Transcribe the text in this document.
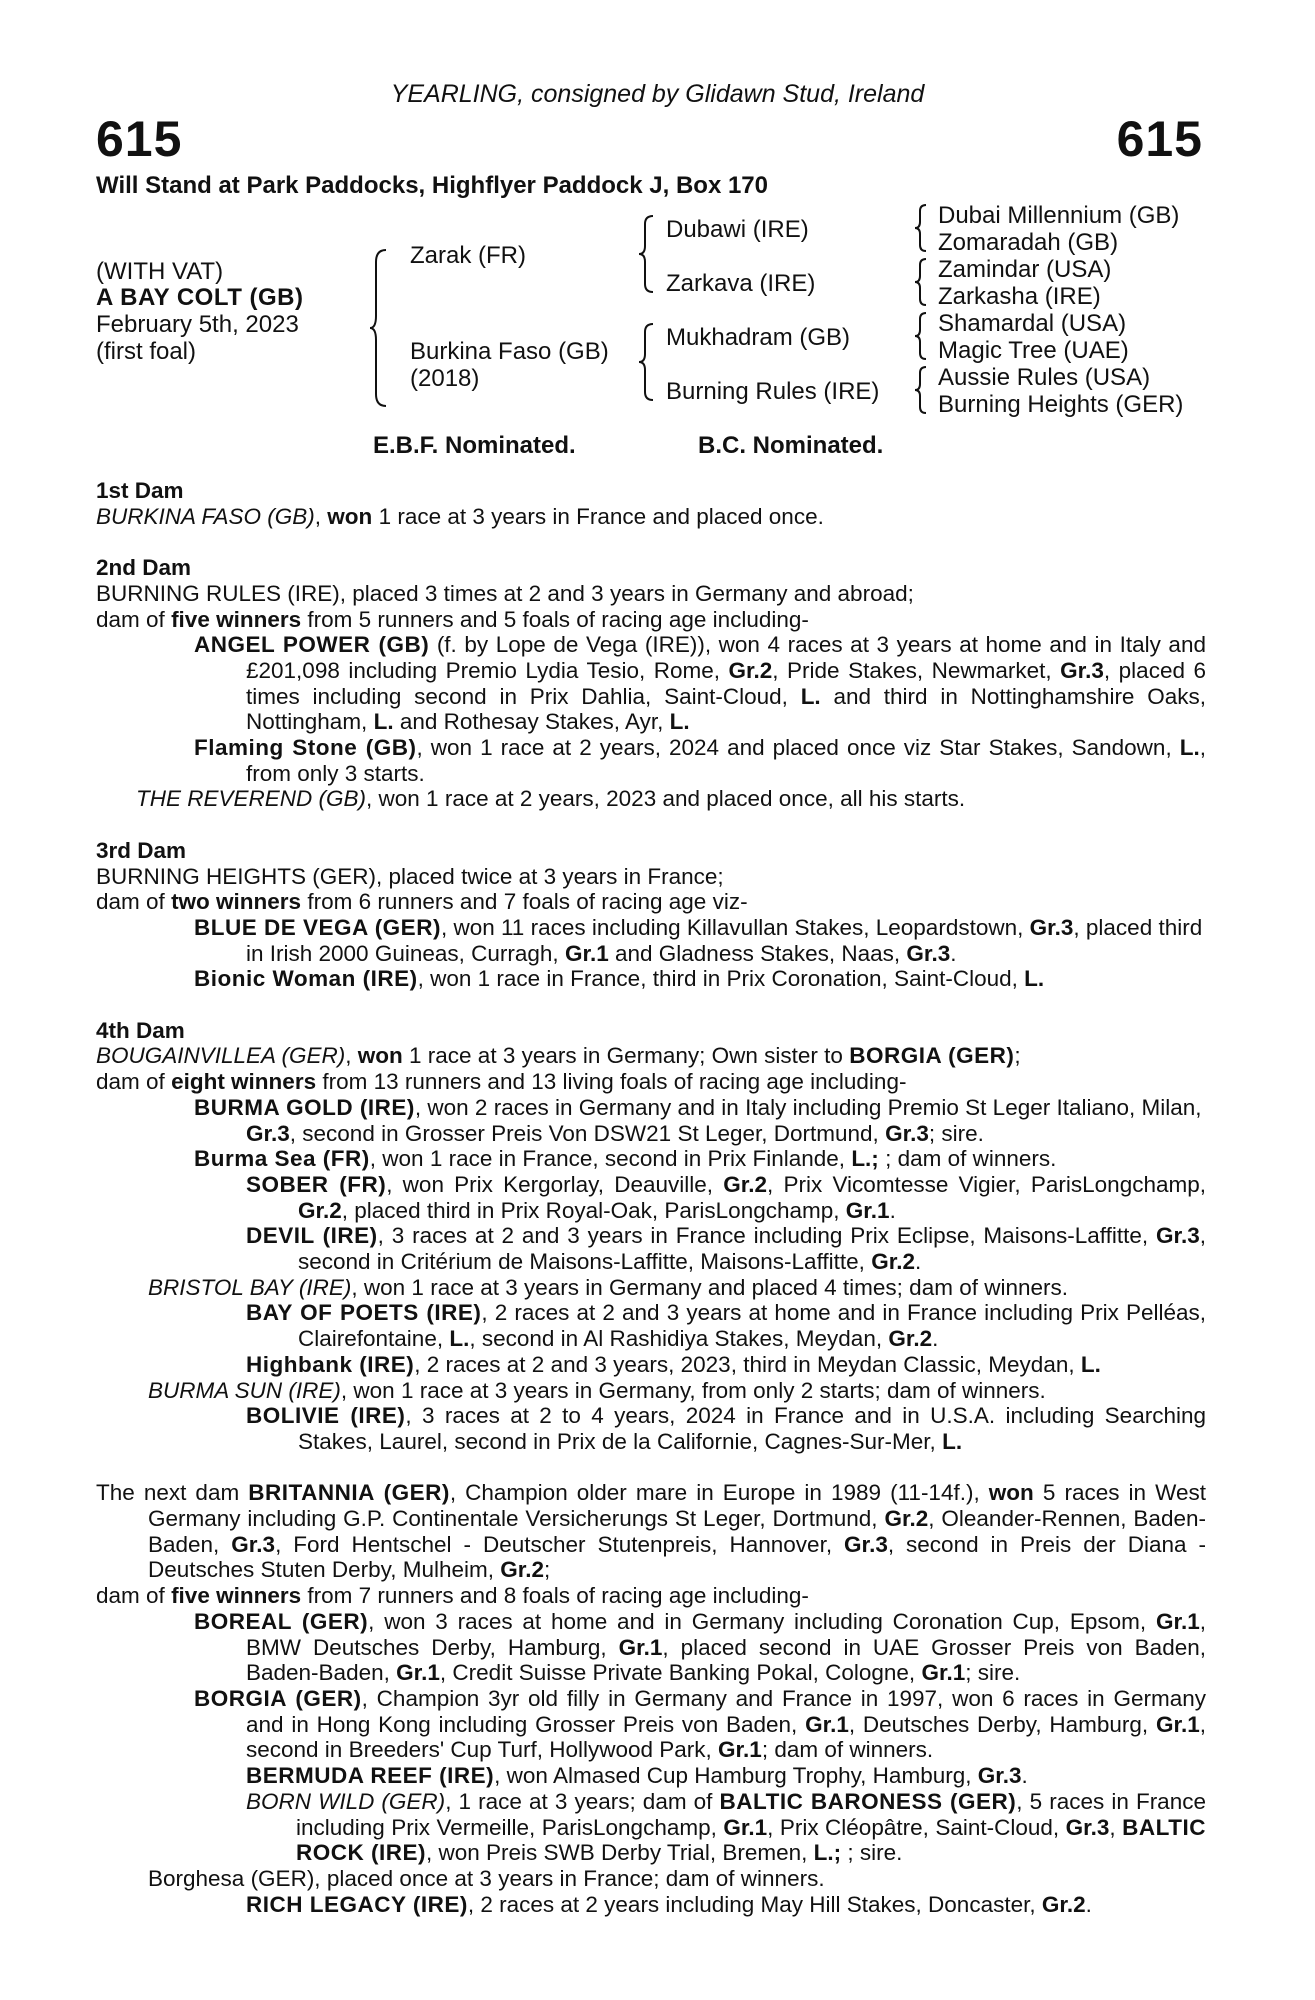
YEARLING, consigned by Glidawn Stud, Ireland
615	615
Will Stand at Park Paddocks, Highflyer Paddock J, Box 170
(WITH VAT)
A BAY COLT (GB)
February 5th, 2023
(first foal)
Zarak (FR)
Burkina Faso (GB)
(2018)
Dubawi (IRE)
Zarkava (IRE)
Mukhadram (GB)
Burning Rules (IRE)
Dubai Millennium (GB)
Zomaradah (GB)
Zamindar (USA)
Zarkasha (IRE)
Shamardal (USA)
Magic Tree (UAE)
Aussie Rules (USA)
Burning Heights (GER)
E.B.F. Nominated.	B.C. Nominated.

1st Dam

BURKINA FASO (GB), won 1 race at 3 years in France and placed once.

2nd Dam

BURNING RULES (IRE), placed 3 times at 2 and 3 years in Germany and abroad;

dam of five winners from 5 runners and 5 foals of racing age including-

ANGEL POWER (GB) (f. by Lope de Vega (IRE)), won 4 races at 3 years at home and in Italy and £201,098 including Premio Lydia Tesio, Rome, Gr.2, Pride Stakes, Newmarket, Gr.3, placed 6 times including second in Prix Dahlia, Saint-Cloud, L. and third in Nottinghamshire Oaks, Nottingham, L. and Rothesay Stakes, Ayr, L.

Flaming Stone (GB), won 1 race at 2 years, 2024 and placed once viz Star Stakes, Sandown, L., from only 3 starts.

THE REVEREND (GB), won 1 race at 2 years, 2023 and placed once, all his starts.

3rd Dam

BURNING HEIGHTS (GER), placed twice at 3 years in France;

dam of two winners from 6 runners and 7 foals of racing age viz-

BLUE DE VEGA (GER), won 11 races including Killavullan Stakes, Leopardstown, Gr.3, placed third in Irish 2000 Guineas, Curragh, Gr.1 and Gladness Stakes, Naas, Gr.3.

Bionic Woman (IRE), won 1 race in France, third in Prix Coronation, Saint-Cloud, L.

4th Dam

BOUGAINVILLEA (GER), won 1 race at 3 years in Germany; Own sister to BORGIA (GER);

dam of eight winners from 13 runners and 13 living foals of racing age including-

BURMA GOLD (IRE), won 2 races in Germany and in Italy including Premio St Leger Italiano, Milan, Gr.3, second in Grosser Preis Von DSW21 St Leger, Dortmund, Gr.3; sire.

Burma Sea (FR), won 1 race in France, second in Prix Finlande, L.; ; dam of winners.

SOBER (FR), won Prix Kergorlay, Deauville, Gr.2, Prix Vicomtesse Vigier, ParisLongchamp, Gr.2, placed third in Prix Royal-Oak, ParisLongchamp, Gr.1.

DEVIL (IRE), 3 races at 2 and 3 years in France including Prix Eclipse, Maisons-Laffitte, Gr.3, second in Critérium de Maisons-Laffitte, Maisons-Laffitte, Gr.2.

BRISTOL BAY (IRE), won 1 race at 3 years in Germany and placed 4 times; dam of winners.

BAY OF POETS (IRE), 2 races at 2 and 3 years at home and in France including Prix Pelléas, Clairefontaine, L., second in Al Rashidiya Stakes, Meydan, Gr.2.

Highbank (IRE), 2 races at 2 and 3 years, 2023, third in Meydan Classic, Meydan, L.

BURMA SUN (IRE), won 1 race at 3 years in Germany, from only 2 starts; dam of winners.

BOLIVIE (IRE), 3 races at 2 to 4 years, 2024 in France and in U.S.A. including Searching Stakes, Laurel, second in Prix de la Californie, Cagnes-Sur-Mer, L.

The next dam BRITANNIA (GER), Champion older mare in Europe in 1989 (11-14f.), won 5 races in West Germany including G.P. Continentale Versicherungs St Leger, Dortmund, Gr.2, Oleander-Rennen, Baden-Baden, Gr.3, Ford Hentschel - Deutscher Stutenpreis, Hannover, Gr.3, second in Preis der Diana - Deutsches Stuten Derby, Mulheim, Gr.2;

dam of five winners from 7 runners and 8 foals of racing age including-

BOREAL (GER), won 3 races at home and in Germany including Coronation Cup, Epsom, Gr.1, BMW Deutsches Derby, Hamburg, Gr.1, placed second in UAE Grosser Preis von Baden, Baden-Baden, Gr.1, Credit Suisse Private Banking Pokal, Cologne, Gr.1; sire.

BORGIA (GER), Champion 3yr old filly in Germany and France in 1997, won 6 races in Germany and in Hong Kong including Grosser Preis von Baden, Gr.1, Deutsches Derby, Hamburg, Gr.1, second in Breeders' Cup Turf, Hollywood Park, Gr.1; dam of winners.

BERMUDA REEF (IRE), won Almased Cup Hamburg Trophy, Hamburg, Gr.3.

BORN WILD (GER), 1 race at 3 years; dam of BALTIC BARONESS (GER), 5 races in France including Prix Vermeille, ParisLongchamp, Gr.1, Prix Cléopâtre, Saint-Cloud, Gr.3, BALTIC ROCK (IRE), won Preis SWB Derby Trial, Bremen, L.; ; sire.

Borghesa (GER), placed once at 3 years in France; dam of winners.

RICH LEGACY (IRE), 2 races at 2 years including May Hill Stakes, Doncaster, Gr.2.
